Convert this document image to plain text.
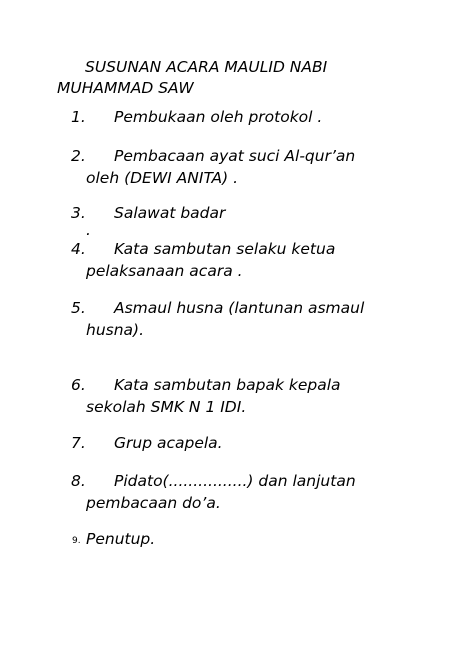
SUSUNAN ACARA MAULID NABI
MUHAMMAD SAW
1. Pembukaan oleh protokol .
2. Pembacaan ayat suci Al-qur’an
oleh (DEWI ANITA) .
3. Salawat badar
.
4. Kata sambutan selaku ketua
pelaksanaan acara .
5. Asmaul husna (lantunan asmaul
husna).
6. Kata sambutan bapak kepala
sekolah SMK N 1 IDI.
7. Grup acapela.
8. Pidato(................) dan lanjutan
pembacaan do’a.
9. Penutup.
